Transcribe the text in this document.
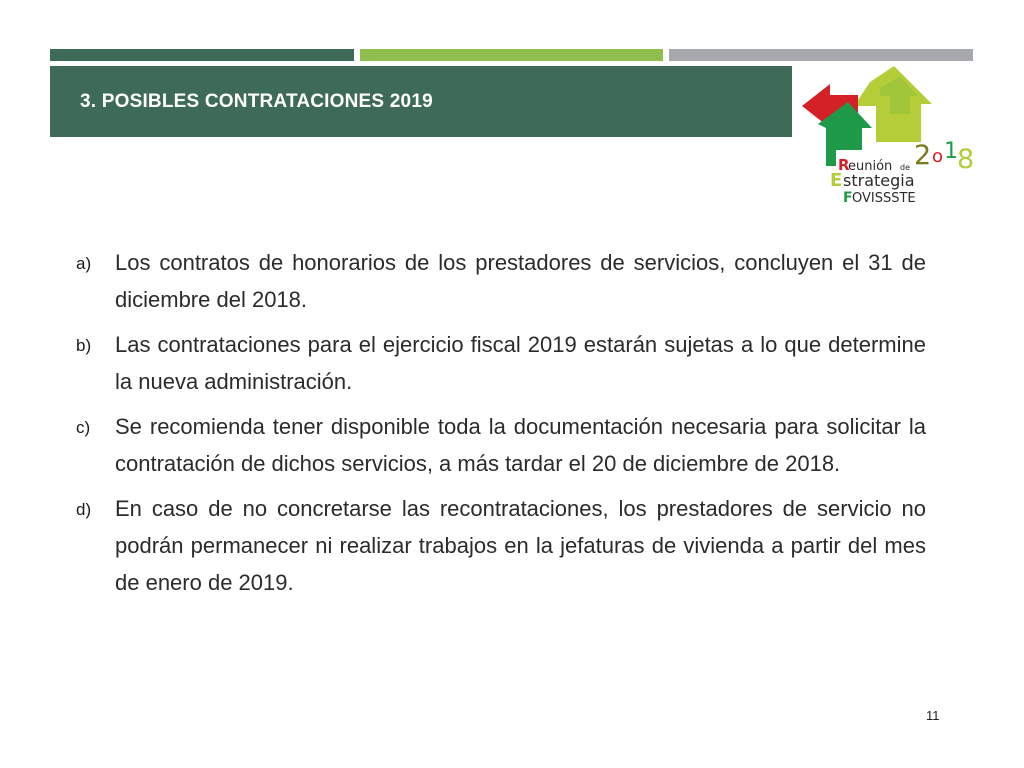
3. POSIBLES CONTRATACIONES 2019
2 o 1 8
R
eunión de
E strategia
F OVISSSTE
a)	Los contratos de honorarios de los prestadores de servicios, concluyen el 31 de diciembre del 2018.
b)	Las contrataciones para el ejercicio fiscal 2019 estarán sujetas a lo que determine la nueva administración.
c)	Se recomienda tener disponible toda la documentación necesaria para solicitar la contratación de dichos servicios, a más tardar el 20 de diciembre de 2018.
d)	En caso de no concretarse las recontrataciones, los prestadores de servicio no podrán permanecer ni realizar trabajos en la jefaturas de vivienda a partir del mes de enero de 2019.
11
